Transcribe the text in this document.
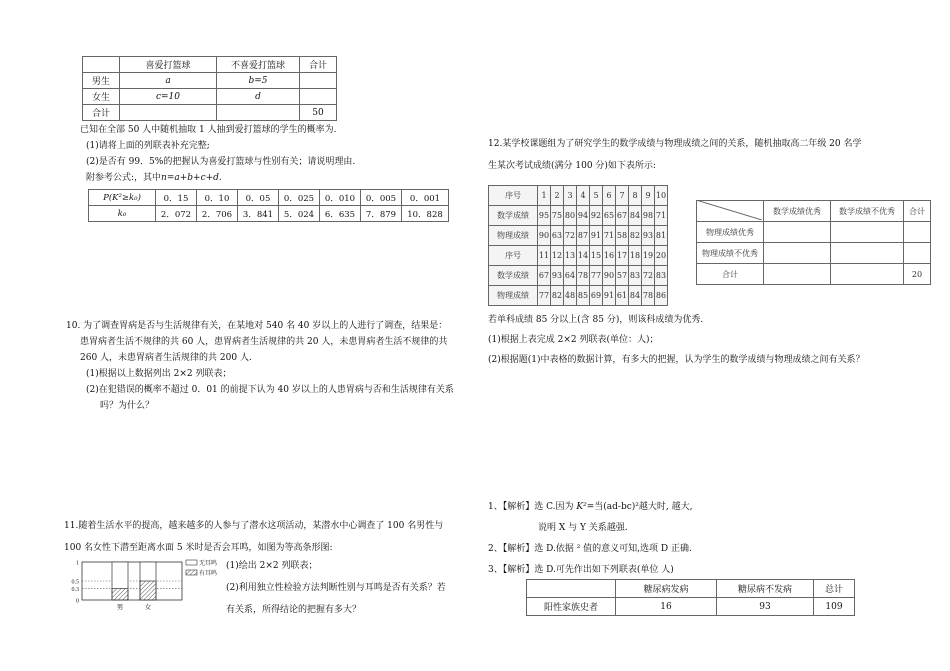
	喜爱打篮球	不喜爱打篮球	合计
男生	a	b=5	
女生	c=10	d	
合计			50
已知在全部 50 人中随机抽取 1 人抽到爱打篮球的学生的概率为.
(1)请将上面的列联表补充完整;
(2)是否有 99．5%的把握认为喜爱打篮球与性别有关；请说明理由.
附参考公式:，其中n=a+b+c+d.
P(K²≥k₀)	0．15	0．10	0．05	0．025	0．010	0．005	0．001
k₀	2．072	2．706	3．841	5．024	6．635	7．879	10．828
10. 为了调查胃病是否与生活规律有关，在某地对 540 名 40 岁以上的人进行了调查，结果是：
患胃病者生活不规律的共 60 人，患胃病者生活规律的共 20 人，未患胃病者生活不规律的共
260 人，未患胃病者生活规律的共 200 人.
(1)根据以上数据列出 2×2 列联表；
(2)在犯错误的概率不超过 0．01 的前提下认为 40 岁以上的人患胃病与否和生活规律有关系
吗？为什么？
11.随着生活水平的提高，越来越多的人参与了潜水这项活动，某潜水中心调查了 100 名男性与
100 名女性下潜至距离水面 5 米时是否会耳鸣，如图为等高条形图:
(1)绘出 2×2 列联表；
(2)利用独立性检验方法判断性别与耳鸣是否有关系？若
有关系，所得结论的把握有多大？
1
0.5
0.3
0
男	女
无耳鸣
有耳鸣
12.某学校课题组为了研究学生的数学成绩与物理成绩之间的关系，随机抽取高二年级 20 名学
生某次考试成绩(满分 100 分)如下表所示:
序号	1	2	3	4	5	6	7	8	9	10
数学成绩	95	75	80	94	92	65	67	84	98	71
物理成绩	90	63	72	87	91	71	58	82	93	81
序号	11	12	13	14	15	16	17	18	19	20
数学成绩	67	93	64	78	77	90	57	83	72	83
物理成绩	77	82	48	85	69	91	61	84	78	86
	数学成绩优秀	数学成绩不优秀	合计
物理成绩优秀			
物理成绩不优秀			
合计			20
若单科成绩 85 分以上(含 85 分)，则该科成绩为优秀.
(1)根据上表完成 2×2 列联表(单位：人)；
(2)根据题(1)中表格的数据计算，有多大的把握，认为学生的数学成绩与物理成绩之间有关系？
1、【解析】选 C.因为 K²=当(ad-bc)²越大时, 越大,
说明 X 与 Y 关系越强.
2、【解析】选 D.依据 ² 值的意义可知,选项 D 正确.
3、【解析】选 D.可先作出如下列联表(单位 人)
	糖尿病发病	糖尿病不发病	总计
阳性家族史者	16	93	109
